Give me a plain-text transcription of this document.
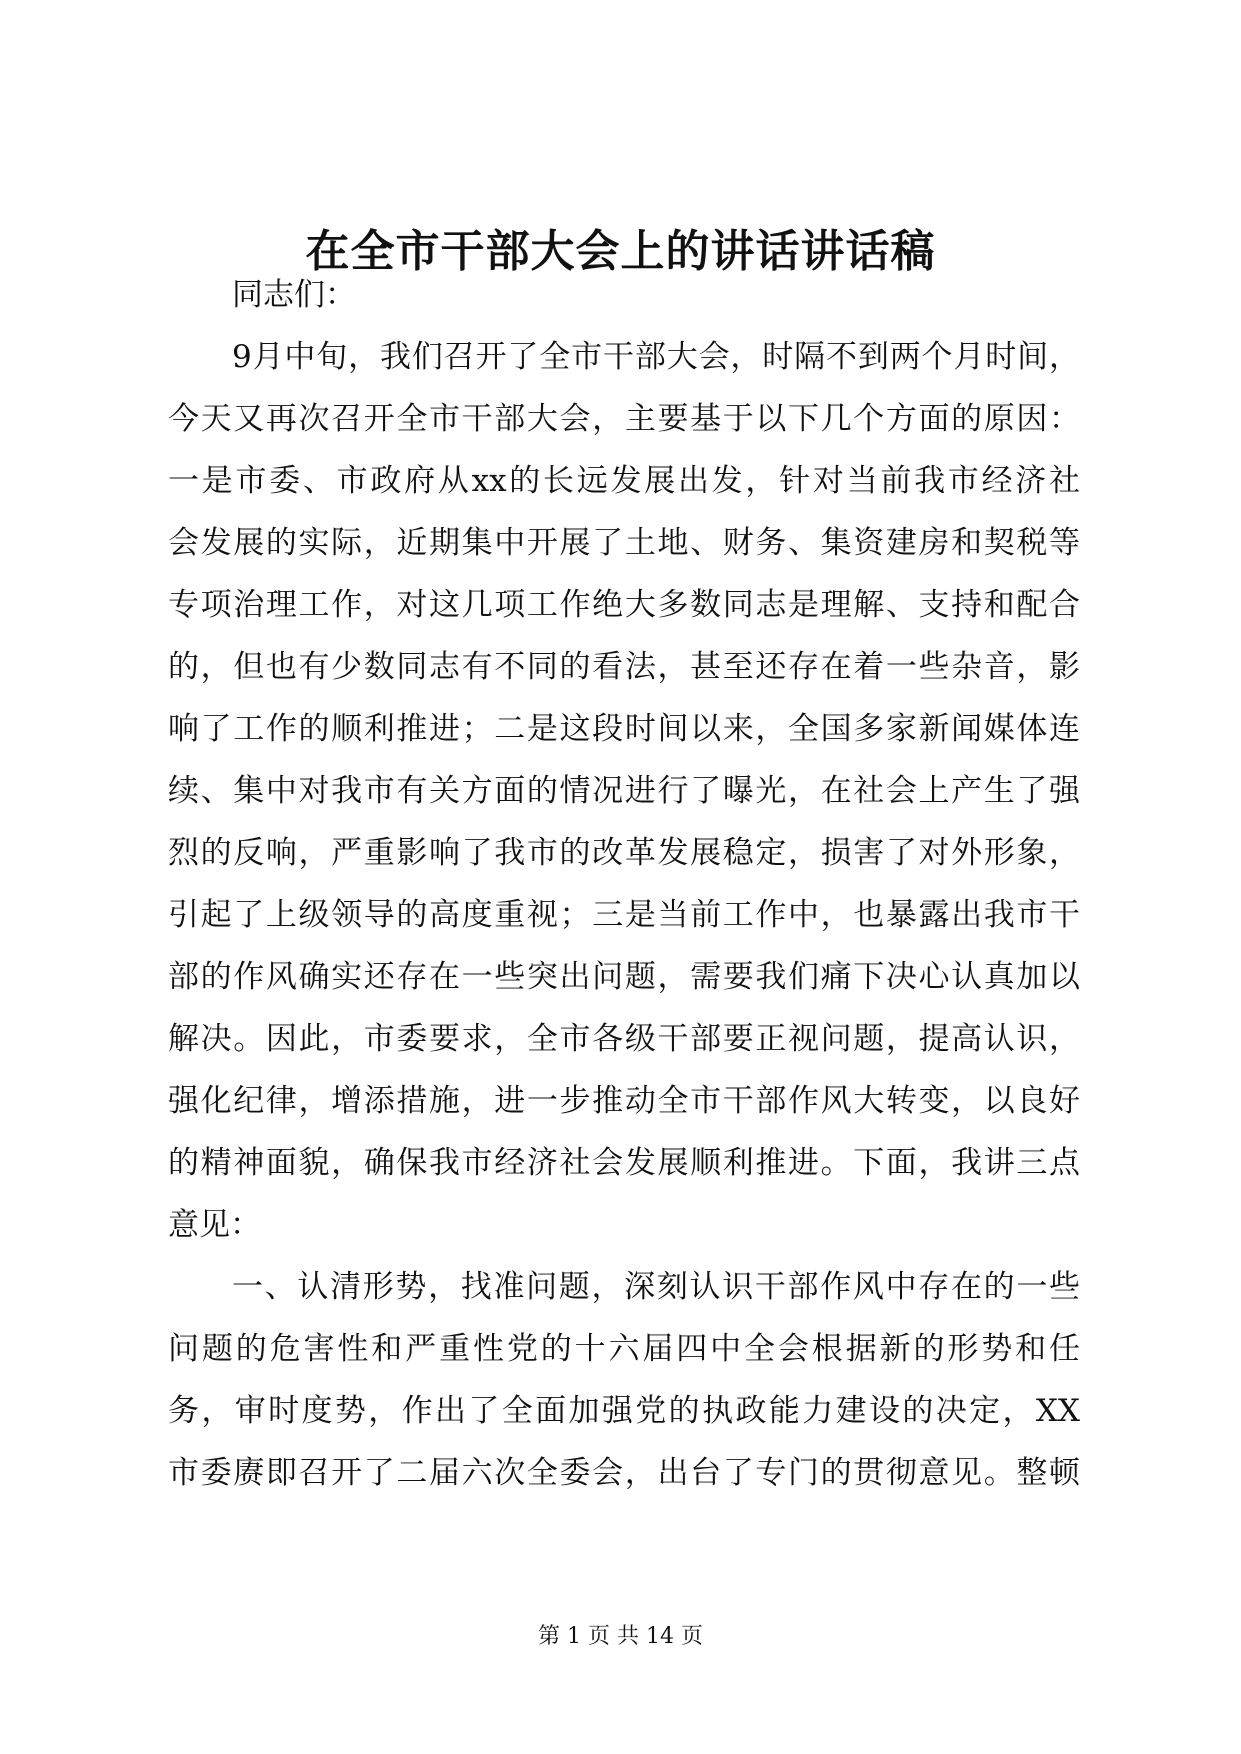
在全市干部大会上的讲话讲话稿
同志们：
9月中旬，我们召开了全市干部大会，时隔不到两个月时间，
今天又再次召开全市干部大会，主要基于以下几个方面的原因：
一是市委、市政府从xx的长远发展出发，针对当前我市经济社
会发展的实际，近期集中开展了土地、财务、集资建房和契税等
专项治理工作，对这几项工作绝大多数同志是理解、支持和配合
的，但也有少数同志有不同的看法，甚至还存在着一些杂音，影
响了工作的顺利推进；二是这段时间以来，全国多家新闻媒体连
续、集中对我市有关方面的情况进行了曝光，在社会上产生了强
烈的反响，严重影响了我市的改革发展稳定，损害了对外形象，
引起了上级领导的高度重视；三是当前工作中，也暴露出我市干
部的作风确实还存在一些突出问题，需要我们痛下决心认真加以
解决。因此，市委要求，全市各级干部要正视问题，提高认识，
强化纪律，增添措施，进一步推动全市干部作风大转变，以良好
的精神面貌，确保我市经济社会发展顺利推进。下面，我讲三点
意见：
一、认清形势，找准问题，深刻认识干部作风中存在的一些
问题的危害性和严重性党的十六届四中全会根据新的形势和任
务，审时度势，作出了全面加强党的执政能力建设的决定，XX
市委赓即召开了二届六次全委会，出台了专门的贯彻意见。整顿
第 1 页 共 14 页
